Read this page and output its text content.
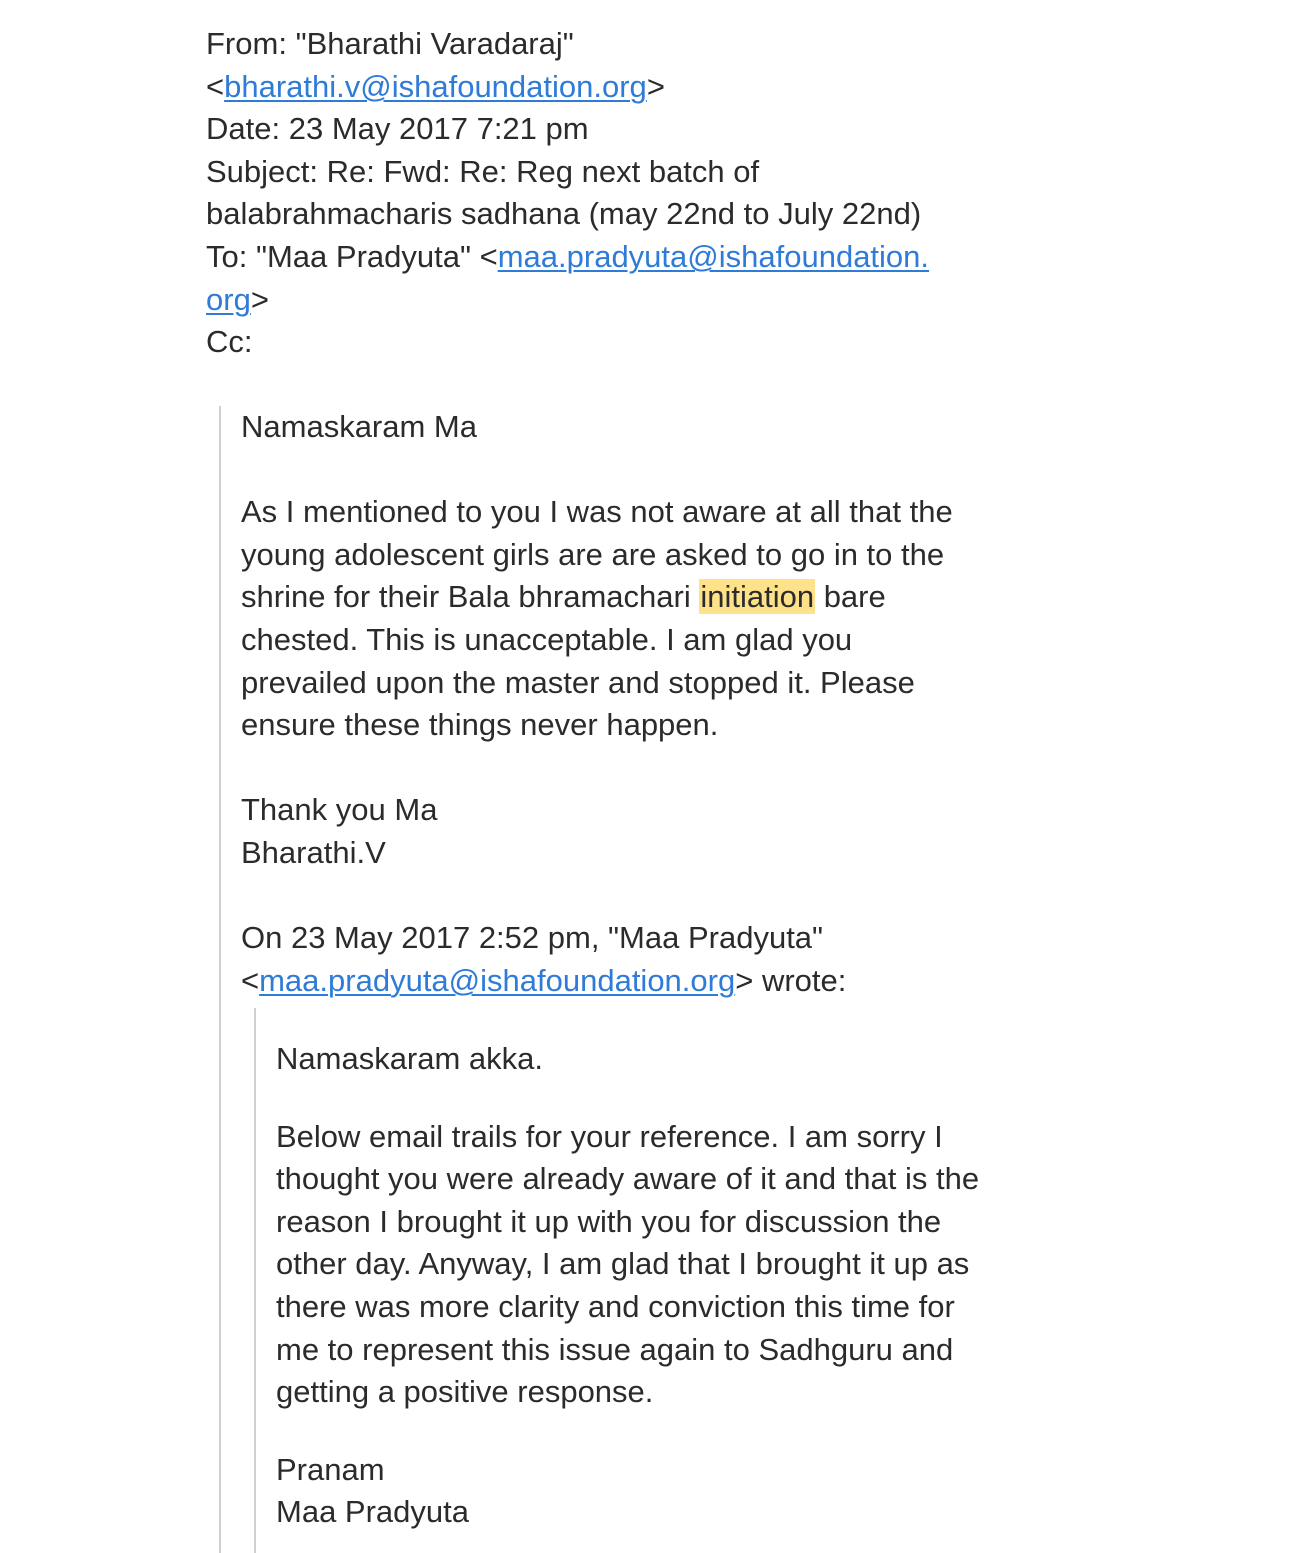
From: "Bharathi Varadaraj"
<bharathi.v@ishafoundation.org>
Date: 23 May 2017 7:21 pm
Subject: Re: Fwd: Re: Reg next batch of
balabrahmacharis sadhana (may 22nd to July 22nd)
To: "Maa Pradyuta" <maa.pradyuta@ishafoundation.
org>
Cc:
Namaskaram Ma

As I mentioned to you I was not aware at all that the
young adolescent girls are are asked to go in to the
shrine for their Bala bhramachari initiation bare
chested. This is unacceptable. I am glad you
prevailed upon the master and stopped it. Please
ensure these things never happen.

Thank you Ma
Bharathi.V

On 23 May 2017 2:52 pm, "Maa Pradyuta"
<maa.pradyuta@ishafoundation.org> wrote:
Namaskaram akka.

Below email trails for your reference. I am sorry I
thought you were already aware of it and that is the
reason I brought it up with you for discussion the
other day. Anyway, I am glad that I brought it up as
there was more clarity and conviction this time for
me to represent this issue again to Sadhguru and
getting a positive response.

Pranam
Maa Pradyuta
